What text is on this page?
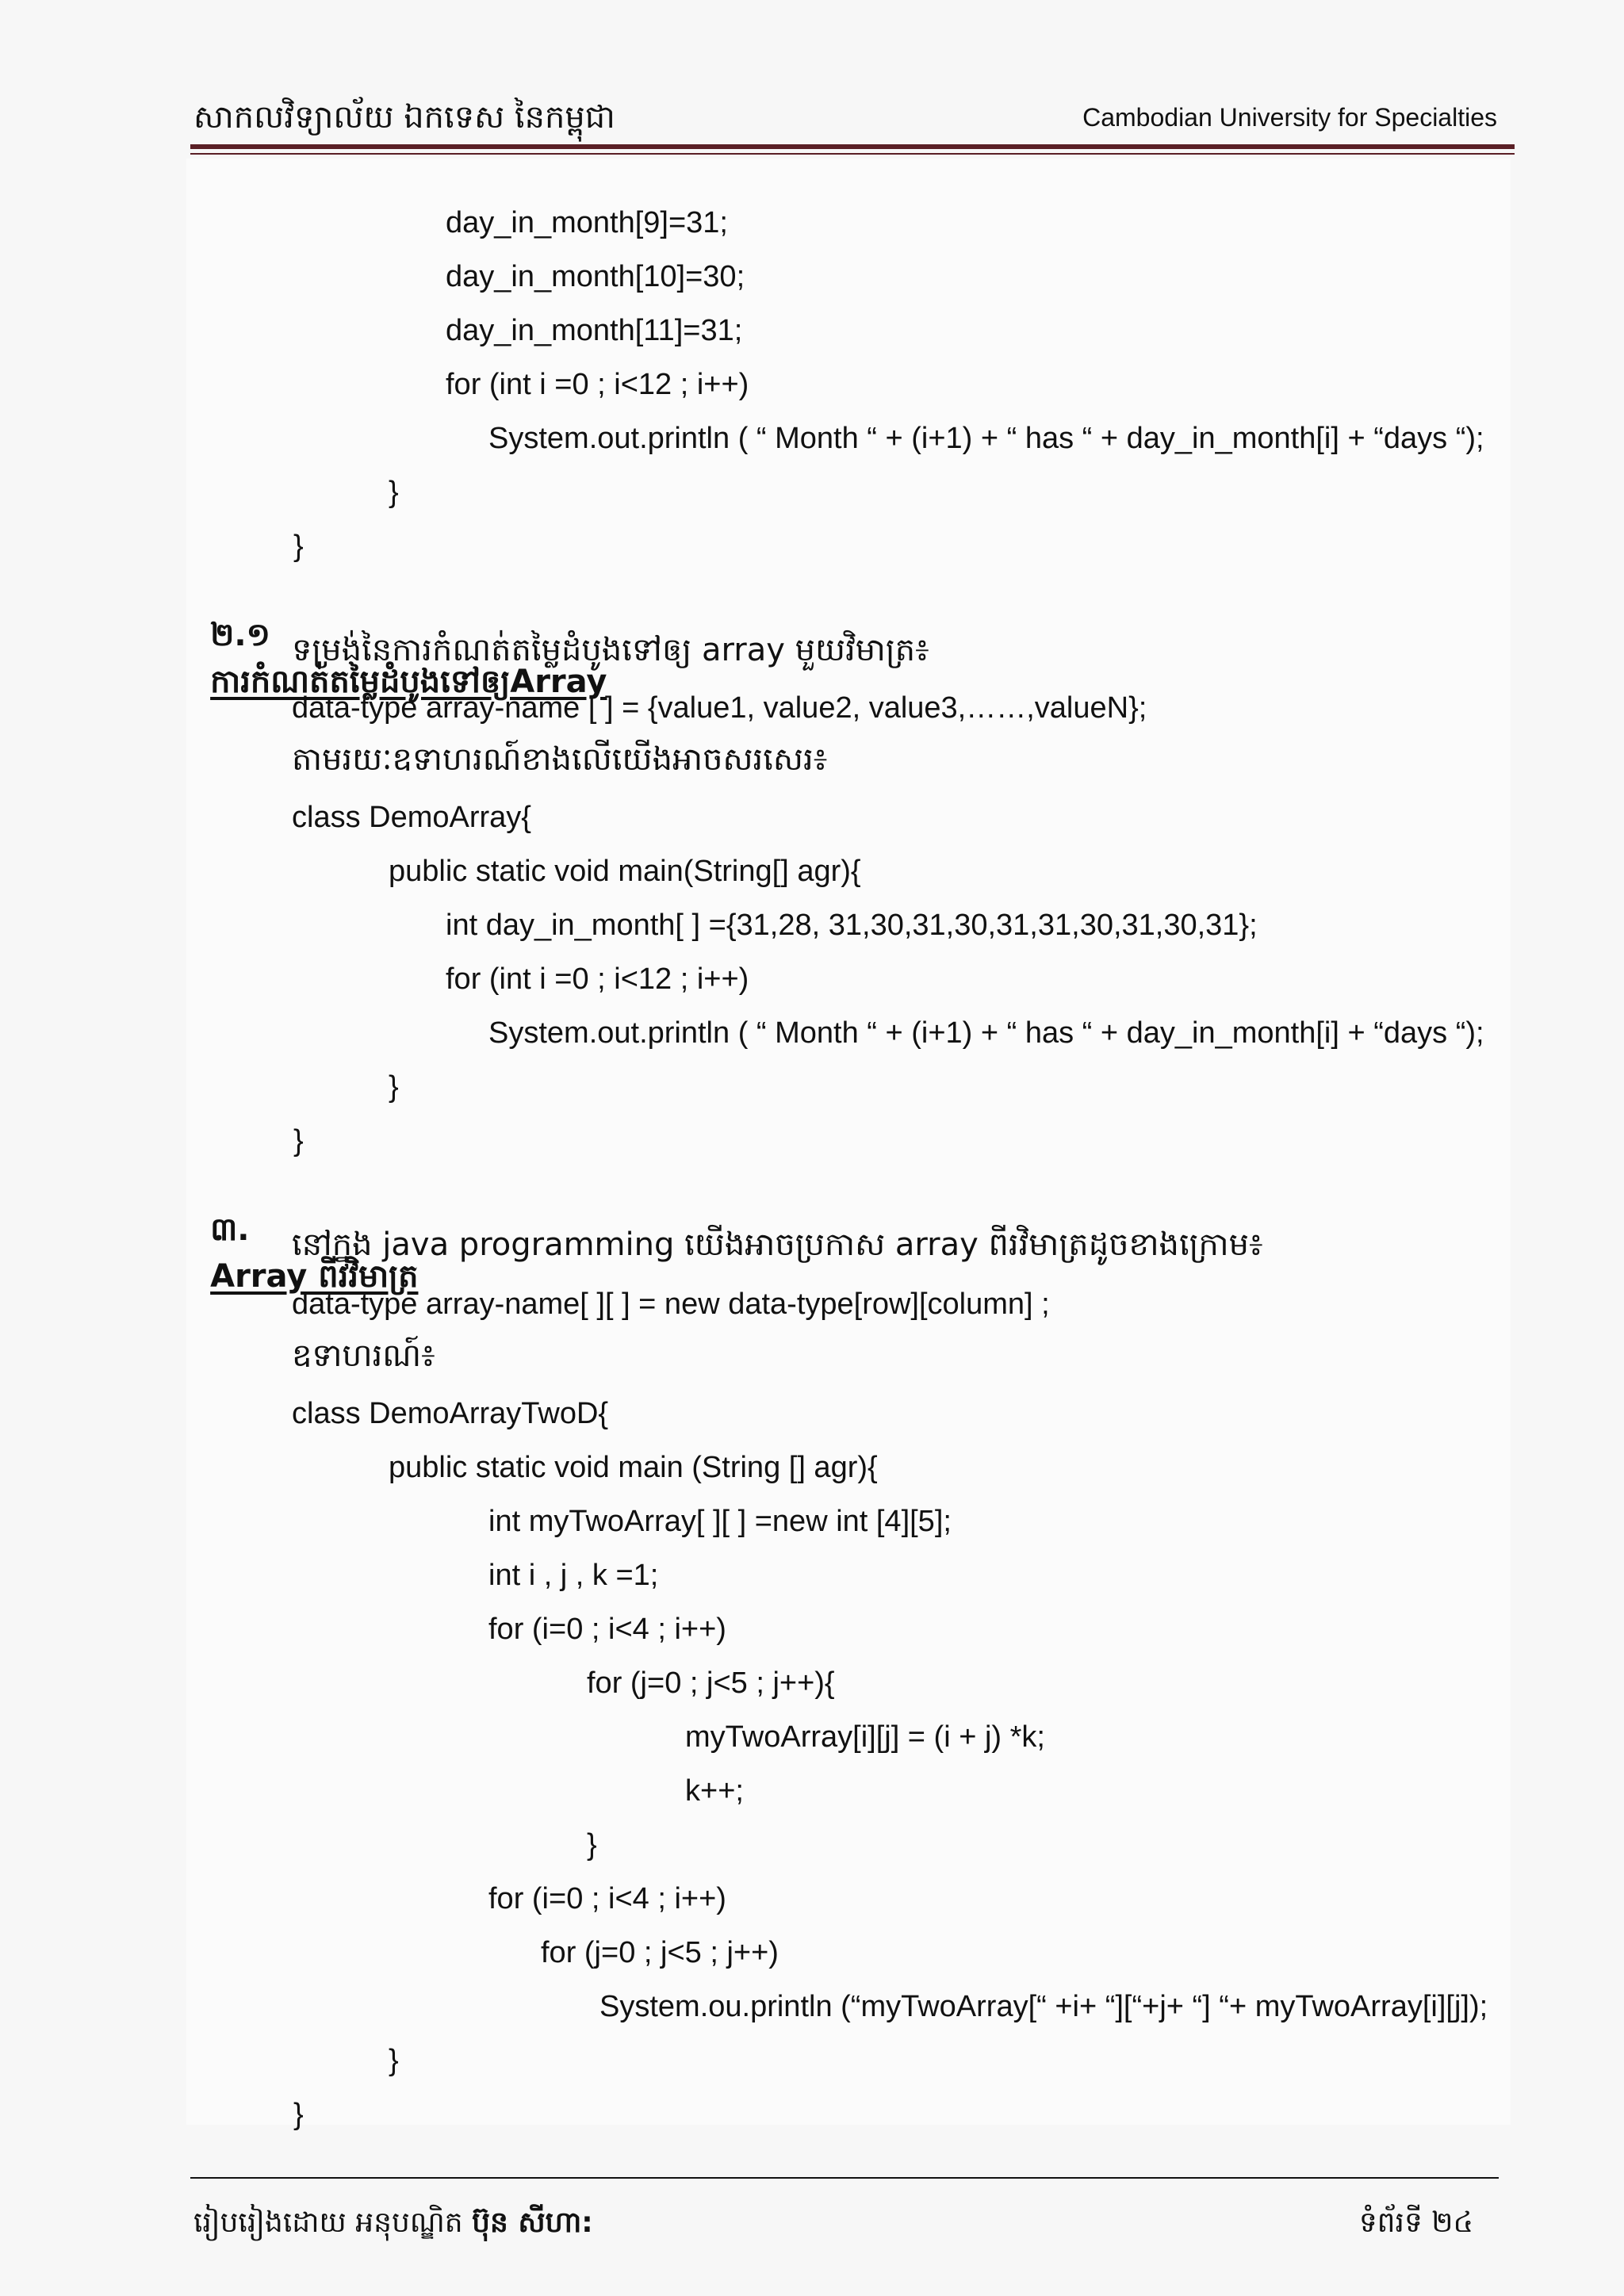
សាកលវិទ្យាល័យ ឯកទេស នៃកម្ពុជា	Cambodian University for Specialties
day_in_month[9]=31;
day_in_month[10]=30;
day_in_month[11]=31;
for (int i =0 ; i<12 ; i++)
System.out.println ( “ Month “ + (i+1) + “ has “ + day_in_month[i] + “days “);
}
}

២.១
ការកំណត់តម្លៃដំបូងទៅឲ្យArray

ទម្រង់នៃការកំណត់តម្លៃដំបូងទៅឲ្យ array មួយវិមាត្រ៖
data-type array-name [ ] = {value1, value2, value3,……,valueN};
តាមរយៈឧទាហរណ៍ខាងលើយើងអាចសរសេរ៖
class DemoArray{
public static void main(String[] agr){
int day_in_month[ ] ={31,28, 31,30,31,30,31,31,30,31,30,31};
for (int i =0 ; i<12 ; i++)
System.out.println ( “ Month “ + (i+1) + “ has “ + day_in_month[i] + “days “);
}
}

៣.
Array ពីរវិមាត្រ

នៅក្នុង java programming យើងអាចប្រកាស array ពីរវិមាត្រដូចខាងក្រោម៖
data-type array-name[ ][ ] = new data-type[row][column] ;
ឧទាហរណ៍៖
class DemoArrayTwoD{
public static void main (String [] agr){
int myTwoArray[ ][ ] =new int [4][5];
int i , j , k =1;
for (i=0 ; i<4 ; i++)
for (j=0 ; j<5 ; j++){
myTwoArray[i][j] = (i + j) *k;
k++;
}
for (i=0 ; i<4 ; i++)
for (j=0 ; j<5 ; j++)
System.ou.println (“myTwoArray[“ +i+ “][“+j+ “] “+ myTwoArray[i][j]);
}
}
រៀបរៀងដោយ អនុបណ្ឌិត ប៊ុន សីហា:	ទំព័រទី ២៤
